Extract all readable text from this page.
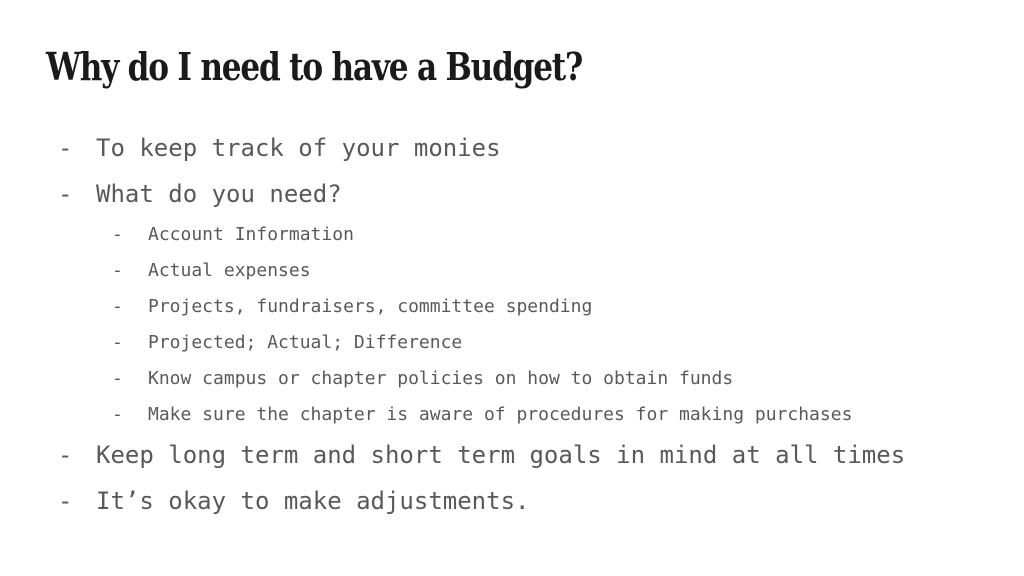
Why do I need to have a Budget?
- To keep track of your monies
- What do you need?
- Account Information
- Actual expenses
- Projects, fundraisers, committee spending
- Projected; Actual; Difference
- Know campus or chapter policies on how to obtain funds
- Make sure the chapter is aware of procedures for making purchases
- Keep long term and short term goals in mind at all times
- It’s okay to make adjustments.
